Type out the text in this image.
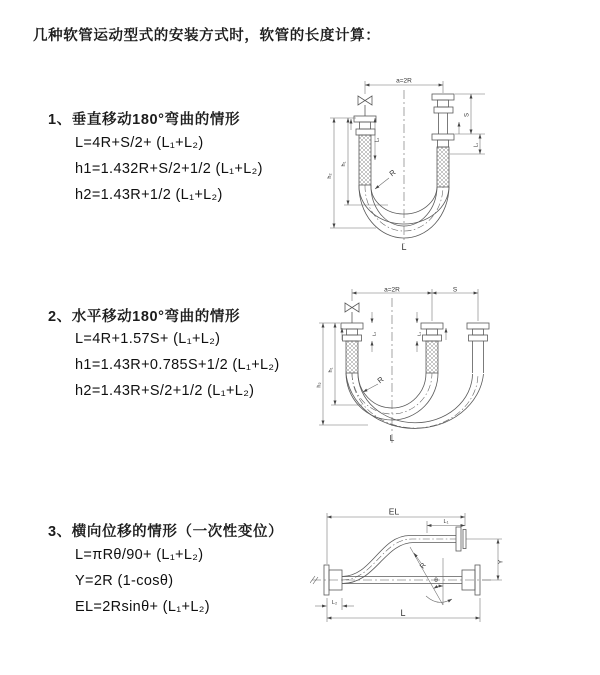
几种软管运动型式的安装方式时，软管的长度计算：
1、垂直移动180°弯曲的情形
L=4R+S/2+ (L₁+L₂)
h1=1.432R+S/2+1/2 (L₁+L₂)
h2=1.43R+1/2 (L₁+L₂)
2、水平移动180°弯曲的情形
L=4R+1.57S+ (L₁+L₂)
h1=1.43R+0.785S+1/2 (L₁+L₂)
h2=1.43R+S/2+1/2 (L₁+L₂)
3、横向位移的情形（一次性变位）
L=πRθ/90+ (L₁+L₂)
Y=2R (1-cosθ)
EL=2Rsinθ+ (L₁+L₂)
a=2R
h₁
h₂
L₂
S
L₁
R
L
a=2R	S
h₁
h₂
L₂	L₁
R
L
EL
L₁
Y
R
θ
L
L₂
